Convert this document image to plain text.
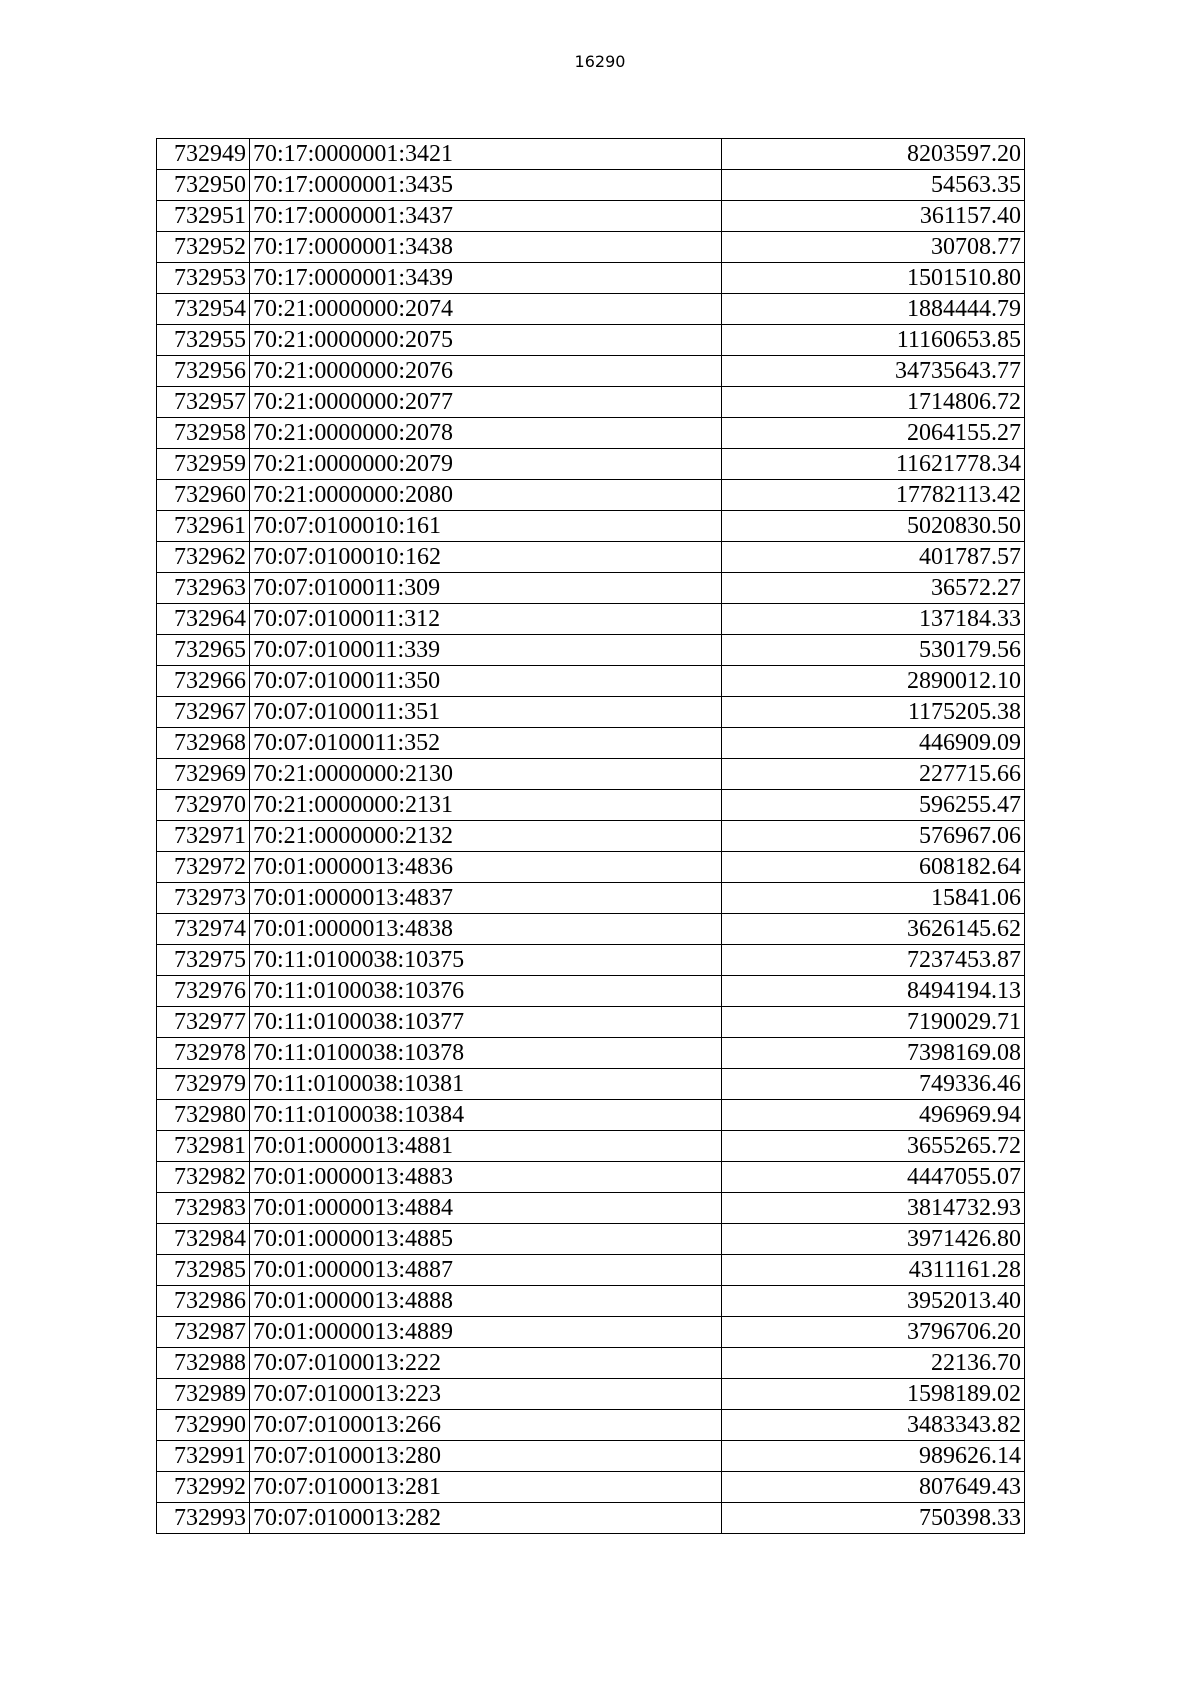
16290
732949	70:17:0000001:3421	8203597.20
732950	70:17:0000001:3435	54563.35
732951	70:17:0000001:3437	361157.40
732952	70:17:0000001:3438	30708.77
732953	70:17:0000001:3439	1501510.80
732954	70:21:0000000:2074	1884444.79
732955	70:21:0000000:2075	11160653.85
732956	70:21:0000000:2076	34735643.77
732957	70:21:0000000:2077	1714806.72
732958	70:21:0000000:2078	2064155.27
732959	70:21:0000000:2079	11621778.34
732960	70:21:0000000:2080	17782113.42
732961	70:07:0100010:161	5020830.50
732962	70:07:0100010:162	401787.57
732963	70:07:0100011:309	36572.27
732964	70:07:0100011:312	137184.33
732965	70:07:0100011:339	530179.56
732966	70:07:0100011:350	2890012.10
732967	70:07:0100011:351	1175205.38
732968	70:07:0100011:352	446909.09
732969	70:21:0000000:2130	227715.66
732970	70:21:0000000:2131	596255.47
732971	70:21:0000000:2132	576967.06
732972	70:01:0000013:4836	608182.64
732973	70:01:0000013:4837	15841.06
732974	70:01:0000013:4838	3626145.62
732975	70:11:0100038:10375	7237453.87
732976	70:11:0100038:10376	8494194.13
732977	70:11:0100038:10377	7190029.71
732978	70:11:0100038:10378	7398169.08
732979	70:11:0100038:10381	749336.46
732980	70:11:0100038:10384	496969.94
732981	70:01:0000013:4881	3655265.72
732982	70:01:0000013:4883	4447055.07
732983	70:01:0000013:4884	3814732.93
732984	70:01:0000013:4885	3971426.80
732985	70:01:0000013:4887	4311161.28
732986	70:01:0000013:4888	3952013.40
732987	70:01:0000013:4889	3796706.20
732988	70:07:0100013:222	22136.70
732989	70:07:0100013:223	1598189.02
732990	70:07:0100013:266	3483343.82
732991	70:07:0100013:280	989626.14
732992	70:07:0100013:281	807649.43
732993	70:07:0100013:282	750398.33
